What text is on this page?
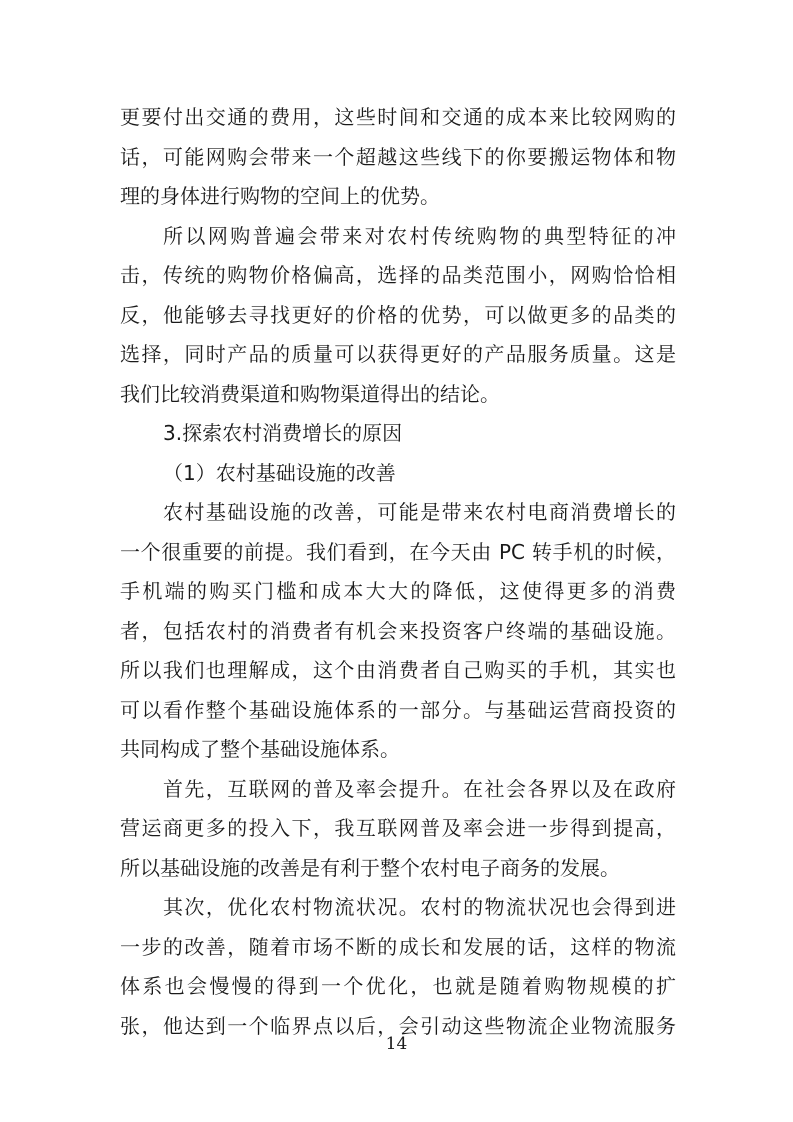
更要付出交通的费用，这些时间和交通的成本来比较网购的
话，可能网购会带来一个超越这些线下的你要搬运物体和物
理的身体进行购物的空间上的优势。
所以网购普遍会带来对农村传统购物的典型特征的冲
击，传统的购物价格偏高，选择的品类范围小，网购恰恰相
反，他能够去寻找更好的价格的优势，可以做更多的品类的
选择，同时产品的质量可以获得更好的产品服务质量。这是
我们比较消费渠道和购物渠道得出的结论。
3.探索农村消费增长的原因
（1）农村基础设施的改善
农村基础设施的改善，可能是带来农村电商消费增长的
一个很重要的前提。我们看到，在今天由 PC 转手机的时候，
手机端的购买门槛和成本大大的降低，这使得更多的消费
者，包括农村的消费者有机会来投资客户终端的基础设施。
所以我们也理解成，这个由消费者自己购买的手机，其实也
可以看作整个基础设施体系的一部分。与基础运营商投资的
共同构成了整个基础设施体系。
首先，互联网的普及率会提升。在社会各界以及在政府
营运商更多的投入下，我互联网普及率会进一步得到提高，
所以基础设施的改善是有利于整个农村电子商务的发展。
其次，优化农村物流状况。农村的物流状况也会得到进
一步的改善，随着市场不断的成长和发展的话，这样的物流
体系也会慢慢的得到一个优化，也就是随着购物规模的扩
张，他达到一个临界点以后，会引动这些物流企业物流服务
14
